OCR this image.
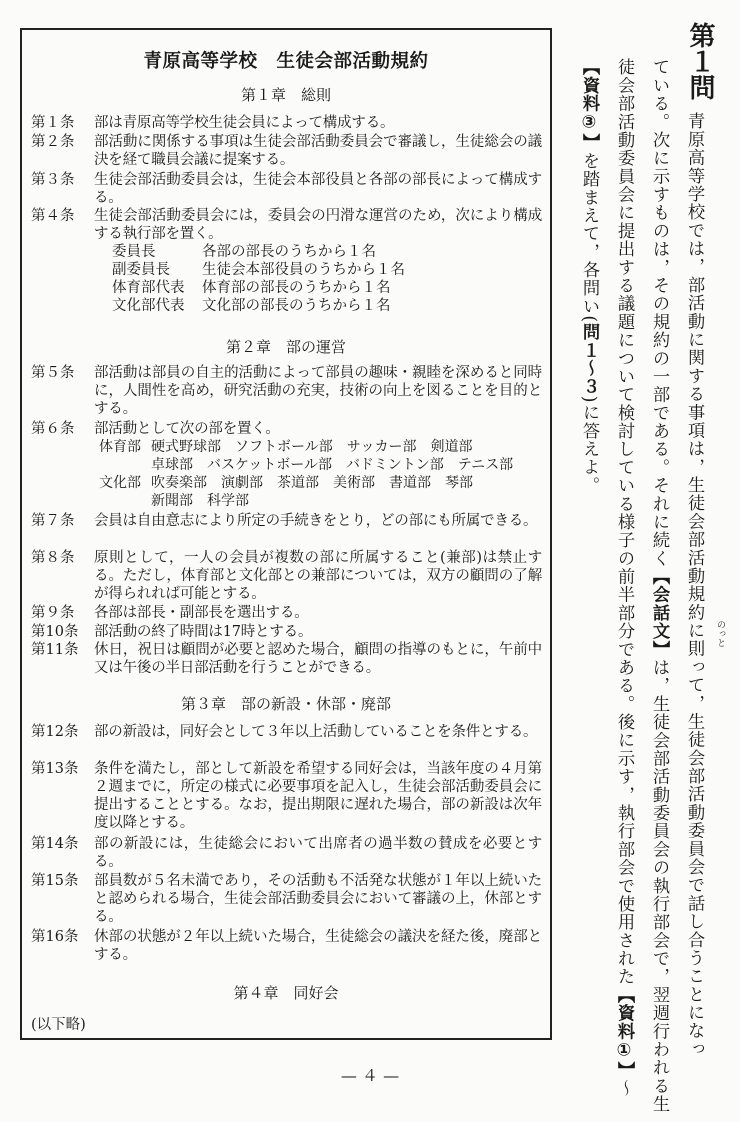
青原高等学校　生徒会部活動規約
第１章　総則
第１条	部は青原高等学校生徒会員によって構成する。
第２条	部活動に関係する事項は生徒会部活動委員会で審議し，生徒総会の議決を経て職員会議に提案する。
第３条	生徒会部活動委員会は，生徒会本部役員と各部の部長によって構成する。
第４条	生徒会部活動委員会には，委員会の円滑な運営のため，次により構成する執行部を置く。
委員長	各部の部長のうちから１名
副委員長	生徒会本部役員のうちから１名
体育部代表	体育部の部長のうちから１名
文化部代表	文化部の部長のうちから１名
第２章　部の運営
第５条	部活動は部員の自主的活動によって部員の趣味・親睦を深めると同時に，人間性を高め，研究活動の充実，技術の向上を図ることを目的とする。
第６条	部活動として次の部を置く。
体育部 硬式野球部　ソフトボール部　サッカー部　剣道部
卓球部　バスケットボール部　バドミントン部　テニス部
文化部 吹奏楽部　演劇部　茶道部　美術部　書道部　琴部
新聞部　科学部
第７条	会員は自由意志により所定の手続きをとり，どの部にも所属できる。
第８条	原則として，一人の会員が複数の部に所属すること(兼部)は禁止する。ただし，体育部と文化部との兼部については，双方の顧問の了解が得られれば可能とする。
第９条	各部は部長・副部長を選出する。
第10条	部活動の終了時間は17時とする。
第11条	休日，祝日は顧問が必要と認めた場合，顧問の指導のもとに，午前中又は午後の半日部活動を行うことができる。
第３章　部の新設・休部・廃部
第12条	部の新設は，同好会として３年以上活動していることを条件とする。
第13条	条件を満たし，部として新設を希望する同好会は，当該年度の４月第２週までに，所定の様式に必要事項を記入し，生徒会部活動委員会に提出することとする。なお，提出期限に遅れた場合，部の新設は次年度以降とする。
第14条	部の新設には，生徒総会において出席者の過半数の賛成を必要とする。
第15条	部員数が５名未満であり，その活動も不活発な状態が１年以上続いたと認められる場合，生徒会部活動委員会において審議の上，休部とする。
第16条	休部の状態が２年以上続いた場合，生徒総会の議決を経た後，廃部とする。
第４章　同好会
(以下略)
第１問
青原高等学校では，部活動に関する事項は，生徒会部活動規約に則って，生徒会部活動委員会で話し合うことになっ	のっと
ている。次に示すものは，その規約の一部である。それに続く【会話文】は，生徒会部活動委員会の執行部会で，翌週行われる生
徒会部活動委員会に提出する議題について検討している様子の前半部分である。後に示す，執行部会で使用された【資料①】～
【資料③】を踏まえて，各問い(問１～３)に答えよ。
— ４ —
